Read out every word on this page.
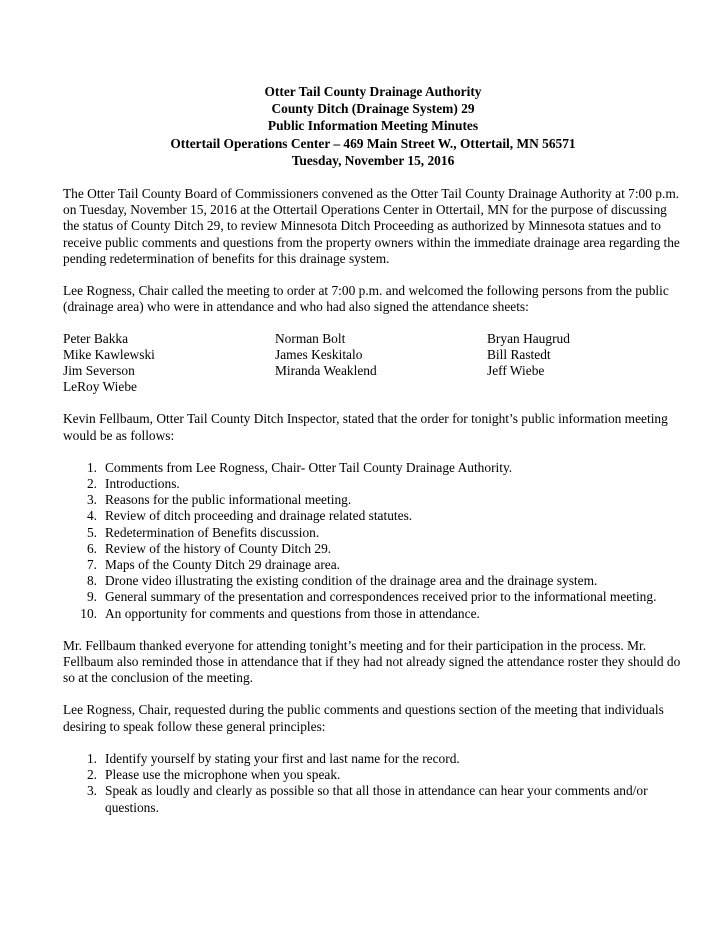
Otter Tail County Drainage Authority
County Ditch (Drainage System) 29
Public Information Meeting Minutes
Ottertail Operations Center – 469 Main Street W., Ottertail, MN 56571
Tuesday, November 15, 2016

The Otter Tail County Board of Commissioners convened as the Otter Tail County Drainage Authority at 7:00 p.m. on Tuesday, November 15, 2016 at the Ottertail Operations Center in Ottertail, MN for the purpose of discussing the status of County Ditch 29, to review Minnesota Ditch Proceeding as authorized by Minnesota statues and to receive public comments and questions from the property owners within the immediate drainage area regarding the pending redetermination of benefits for this drainage system.

Lee Rogness, Chair called the meeting to order at 7:00 p.m. and welcomed the following persons from the public (drainage area) who were in attendance and who had also signed the attendance sheets:

Peter Bakka	Norman Bolt	Bryan Haugrud
Mike Kawlewski	James Keskitalo	Bill Rastedt
Jim Severson	Miranda Weaklend	Jeff Wiebe
LeRoy Wiebe

Kevin Fellbaum, Otter Tail County Ditch Inspector, stated that the order for tonight’s public information meeting would be as follows:

1. Comments from Lee Rogness, Chair- Otter Tail County Drainage Authority.
2. Introductions.
3. Reasons for the public informational meeting.
4. Review of ditch proceeding and drainage related statutes.
5. Redetermination of Benefits discussion.
6. Review of the history of County Ditch 29.
7. Maps of the County Ditch 29 drainage area.
8. Drone video illustrating the existing condition of the drainage area and the drainage system.
9. General summary of the presentation and correspondences received prior to the informational meeting.
10. An opportunity for comments and questions from those in attendance.

Mr. Fellbaum thanked everyone for attending tonight’s meeting and for their participation in the process. Mr. Fellbaum also reminded those in attendance that if they had not already signed the attendance roster they should do so at the conclusion of the meeting.

Lee Rogness, Chair, requested during the public comments and questions section of the meeting that individuals desiring to speak follow these general principles:

1. Identify yourself by stating your first and last name for the record.
2. Please use the microphone when you speak.
3. Speak as loudly and clearly as possible so that all those in attendance can hear your comments and/or questions.
